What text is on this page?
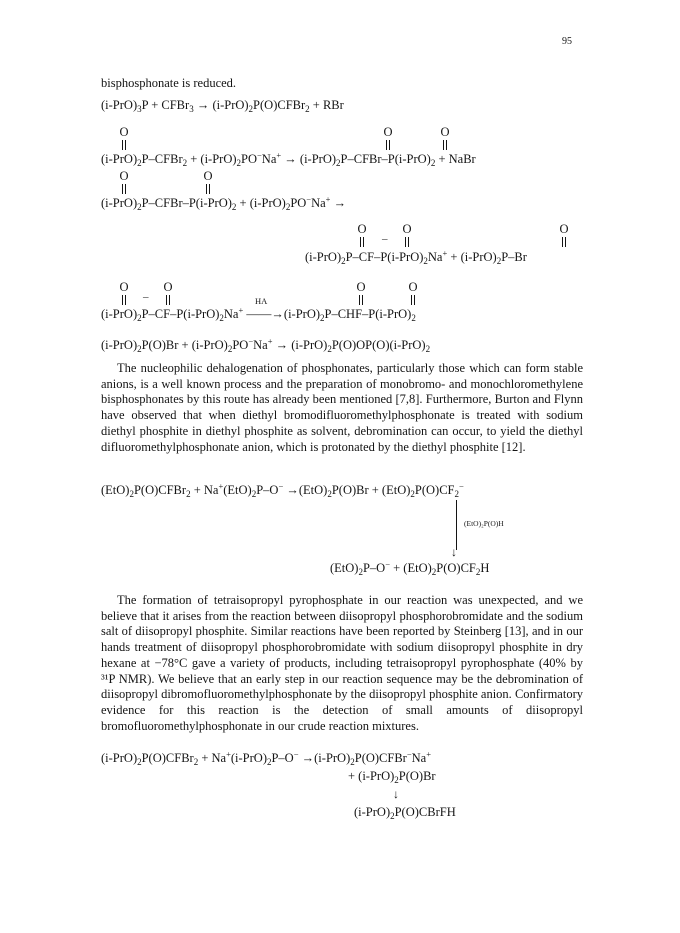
95
bisphosphonate is reduced.
$(i-PrO)_3P$ + CFBr$_3$ → $(i-PrO)_2P(O)CFBr_2$ + RBr
O	O	O
$(i-PrO)_2P-CFBr_2 + (i-PrO)_2PO^-Na^+$ → $(i-PrO)_2P-CFBr-P(i-PrO)_2$ + NaBr
O	O
$(i-PrO)_2P-CFBr-P(i-PrO)_2 + (i-PrO)_2PO^-Na^+$ →
O
–
O	O
$(i-PrO)_2P-CF-P(i-PrO)_2Na^+ + (i-PrO)_2P-Br$
O
–
O	O	O
HA
$(i-PrO)_2P-CF-P(i-PrO)_2Na^+$ $——\to(i-PrO)_2P-CHF-P(i-PrO)_2$
$(i-PrO)_2P(O)Br + (i-PrO)_2PO^-Na^+ \to (i-PrO)_2P(O)OP(O)(i-PrO)_2$

The nucleophilic dehalogenation of phosphonates, particularly those which can form stable anions, is a well known process and the preparation of monobromo- and monochloromethylene bisphosphonates by this route has already been mentioned [7,8]. Furthermore, Burton and Flynn have observed that when diethyl bromodifluoromethylphosphonate is treated with sodium diethyl phosphite in diethyl phosphite as solvent, debromination can occur, to yield the diethyl difluoromethylphosphonate anion, which is protonated by the diethyl phosphite [12].

$(EtO)_2P(O)CFBr_2 + Na^+(EtO)_2P-O^- \to(EtO)_2P(O)Br + (EtO)_2P(O)CF_2^-$
(EtO)₂P(O)H
↓
$(EtO)_2P-O^- + (EtO)_2P(O)CF_2H$

The formation of tetraisopropyl pyrophosphate in our reaction was unexpected, and we believe that it arises from the reaction between diisopropyl phosphorobromidate and the sodium salt of diisopropyl phosphite. Similar reactions have been reported by Steinberg [13], and in our hands treatment of diisopropyl phosphorobromidate with sodium diisopropyl phosphite in dry hexane at −78°C gave a variety of products, including tetraisopropyl pyrophosphate (40% by ³¹P NMR). We believe that an early step in our reaction sequence may be the debromination of diisopropyl dibromofluoromethylphosphonate by the diisopropyl phosphite anion. Confirmatory evidence for this reaction is the detection of small amounts of diisopropyl bromofluoromethylphosphonate in our crude reaction mixtures.

$(i-PrO)_2P(O)CFBr_2 + Na^+(i-PrO)_2P-O^-$ $\to(i-PrO)_2P(O)CFBr^-Na^+$
+ $(i-PrO)_2P(O)Br$
↓
$(i-PrO)_2P(O)CBrFH$
